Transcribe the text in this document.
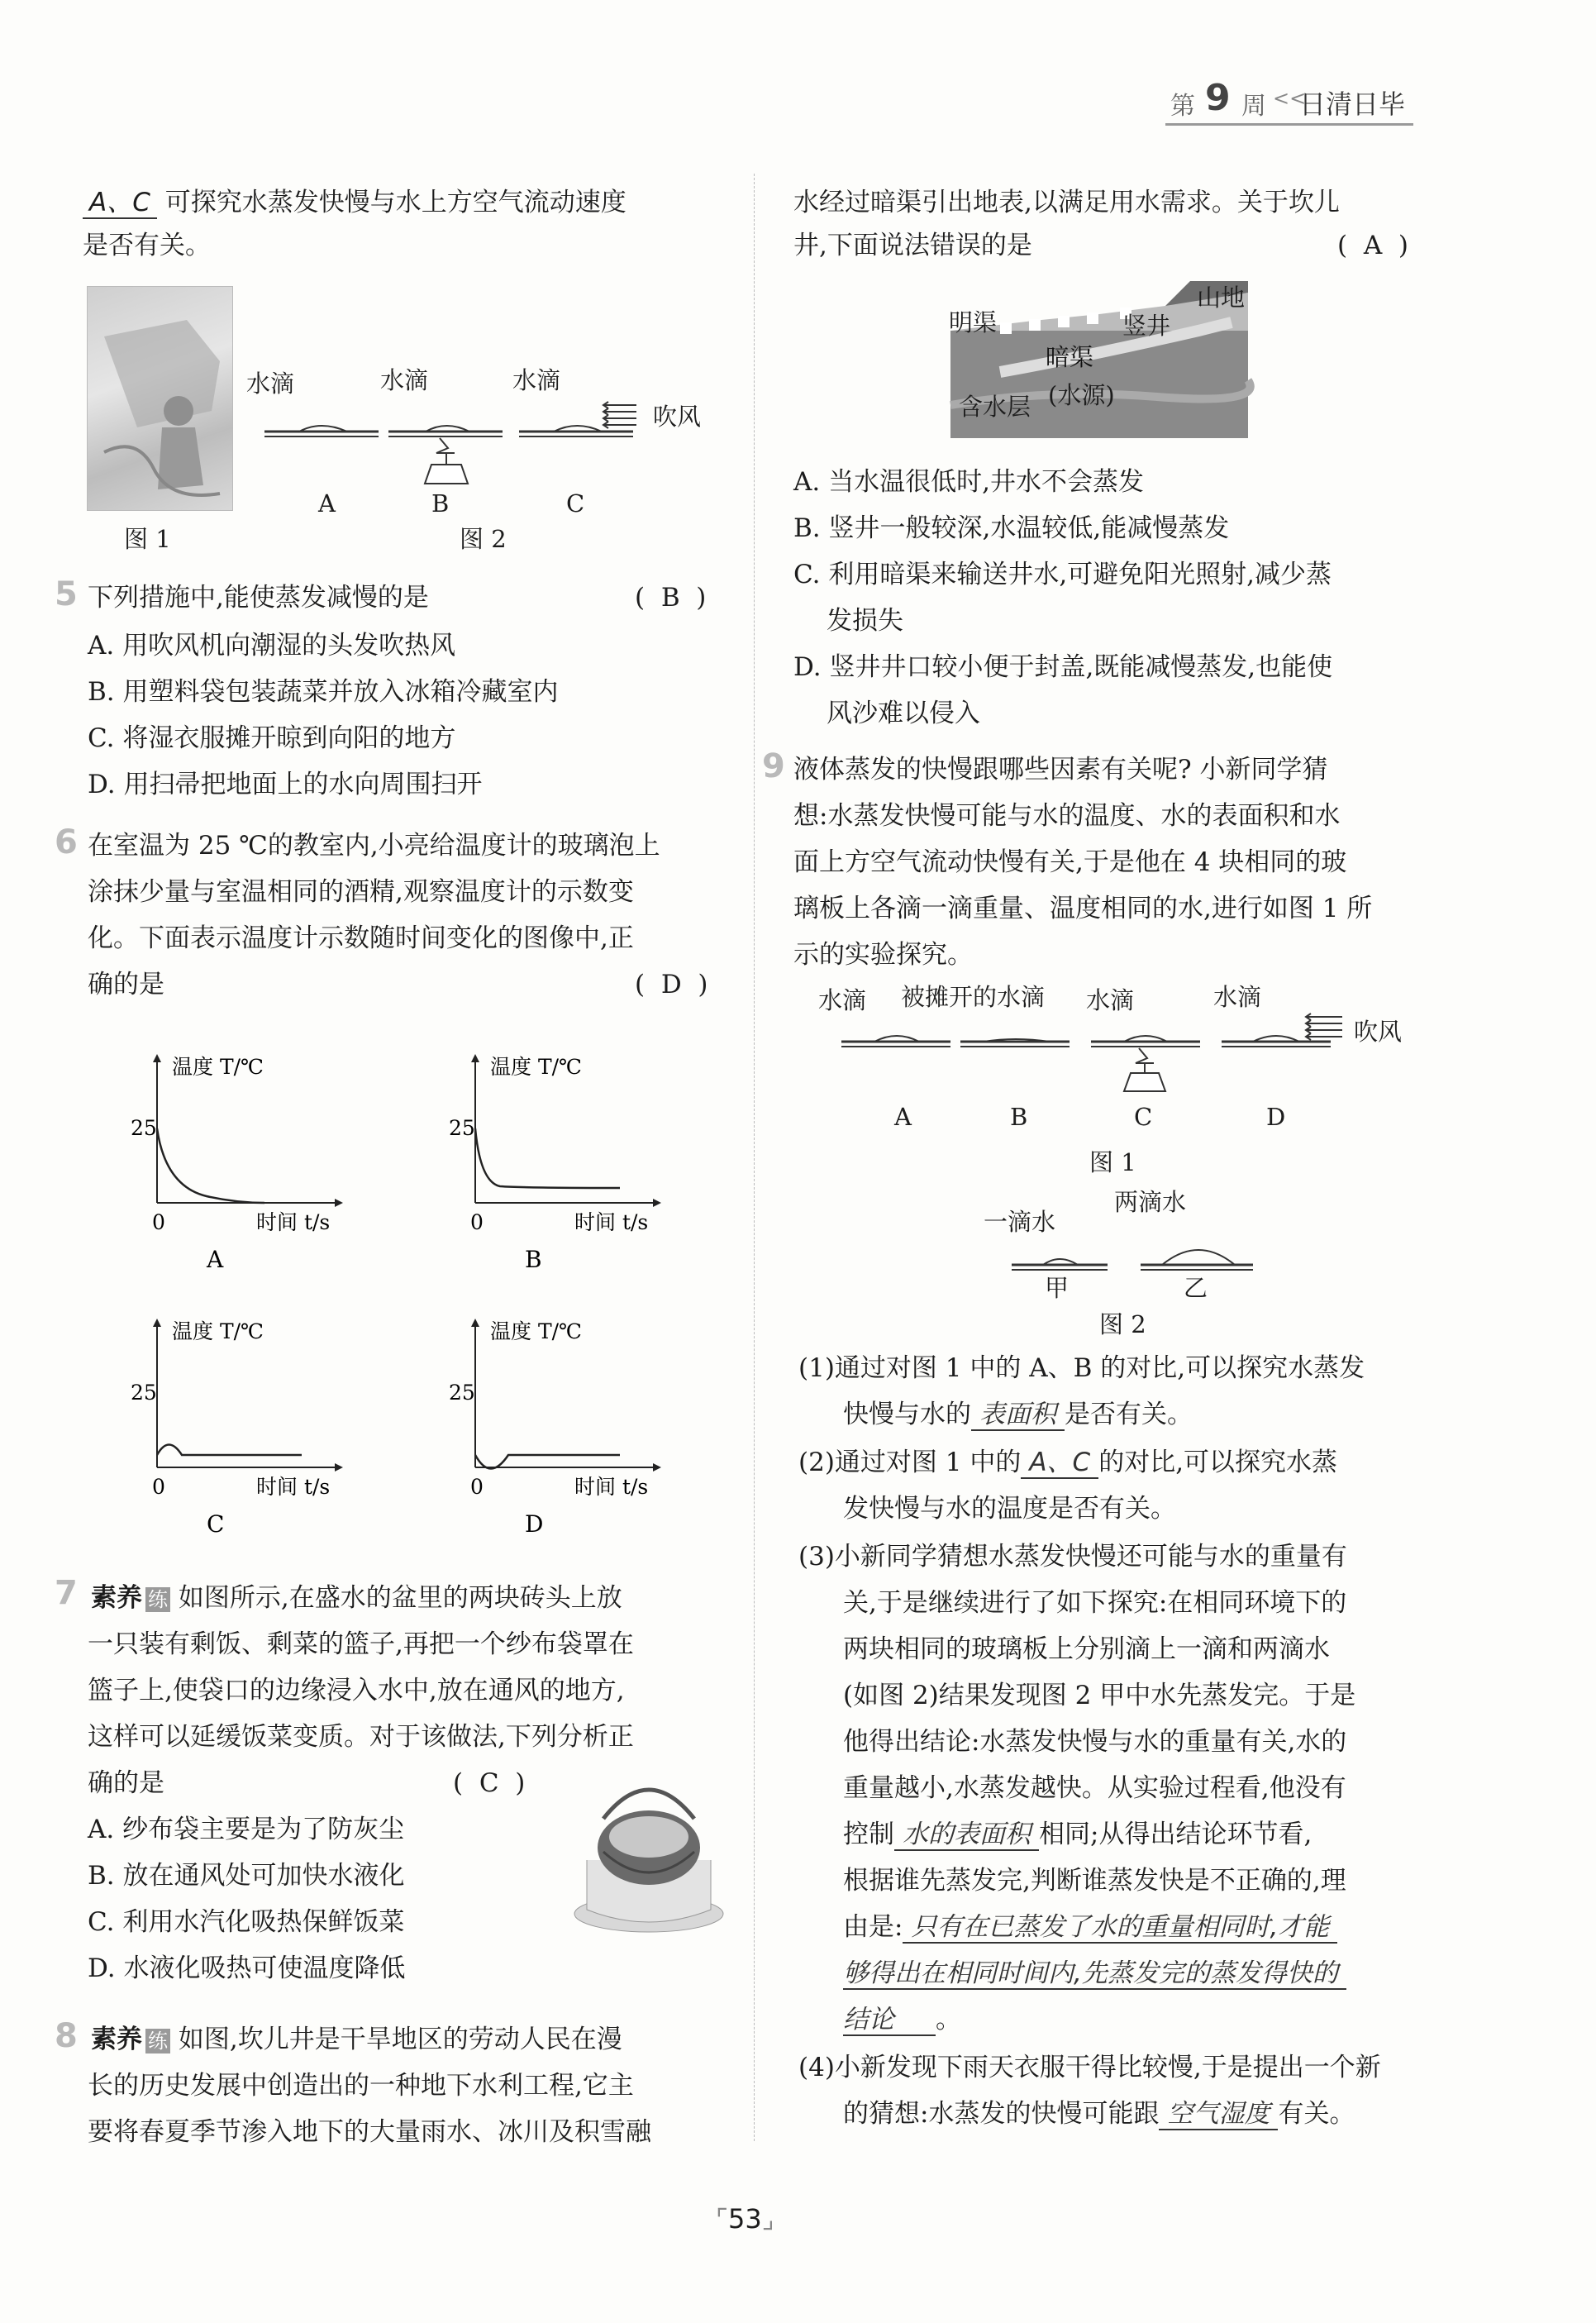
第 9 周 <<
日清日毕
A、C 可探究水蒸发快慢与水上方空气流动速度
是否有关。
图 1
水滴	水滴	水滴
吹风
A	B	C
图 2
5 下列措施中,能使蒸发减慢的是	(  B  )
A. 用吹风机向潮湿的头发吹热风
B. 用塑料袋包装蔬菜并放入冰箱冷藏室内
C. 将湿衣服摊开晾到向阳的地方
D. 用扫帚把地面上的水向周围扫开
6 在室温为 25 ℃的教室内,小亮给温度计的玻璃泡上
涂抹少量与室温相同的酒精,观察温度计的示数变
化。下面表示温度计示数随时间变化的图像中,正
确的是	(  D  )
温度 T/℃
25
0	时间 t/s
A
温度 T/℃
25
0	时间 t/s
B
温度 T/℃
25
0	时间 t/s
C
温度 T/℃
25
0	时间 t/s
D
7 素养 练 如图所示,在盛水的盆里的两块砖头上放
一只装有剩饭、剩菜的篮子,再把一个纱布袋罩在
篮子上,使袋口的边缘浸入水中,放在通风的地方,
这样可以延缓饭菜变质。对于该做法,下列分析正
确的是	(  C  )
A. 纱布袋主要是为了防灰尘
B. 放在通风处可加快水液化
C. 利用水汽化吸热保鲜饭菜
D. 水液化吸热可使温度降低
8 素养 练 如图,坎儿井是干旱地区的劳动人民在漫
长的历史发展中创造出的一种地下水利工程,它主
要将春夏季节渗入地下的大量雨水、冰川及积雪融
水经过暗渠引出地表,以满足用水需求。关于坎儿
井,下面说法错误的是	(  A  )
明渠	竖井
山地
暗渠
含水层 (水源)
A. 当水温很低时,井水不会蒸发
B. 竖井一般较深,水温较低,能减慢蒸发
C. 利用暗渠来输送井水,可避免阳光照射,减少蒸
发损失
D. 竖井井口较小便于封盖,既能减慢蒸发,也能使
风沙难以侵入
9 液体蒸发的快慢跟哪些因素有关呢? 小新同学猜
想:水蒸发快慢可能与水的温度、水的表面积和水
面上方空气流动快慢有关,于是他在 4 块相同的玻
璃板上各滴一滴重量、温度相同的水,进行如图 1 所
示的实验探究。
水滴 被摊开的水滴 水滴	水滴
吹风
A	B	C	D
图 1
一滴水
两滴水
甲	乙
图 2
(1)通过对图 1 中的 A、B 的对比,可以探究水蒸发
快慢与水的 表面积 是否有关。
(2)通过对图 1 中的 A、C 的对比,可以探究水蒸
发快慢与水的温度是否有关。
(3)小新同学猜想水蒸发快慢还可能与水的重量有
关,于是继续进行了如下探究:在相同环境下的
两块相同的玻璃板上分别滴上一滴和两滴水
(如图 2)结果发现图 2 甲中水先蒸发完。于是
他得出结论:水蒸发快慢与水的重量有关,水的
重量越小,水蒸发越快。从实验过程看,他没有
控制 水的表面积 相同;从得出结论环节看,
根据谁先蒸发完,判断谁蒸发快是不正确的,理
由是: 只有在已蒸发了水的重量相同时,才能
够得出在相同时间内,先蒸发完的蒸发得快的
结论 。
(4)小新发现下雨天衣服干得比较慢,于是提出一个新
的猜想:水蒸发的快慢可能跟 空气湿度 有关。
⌜53⌟
